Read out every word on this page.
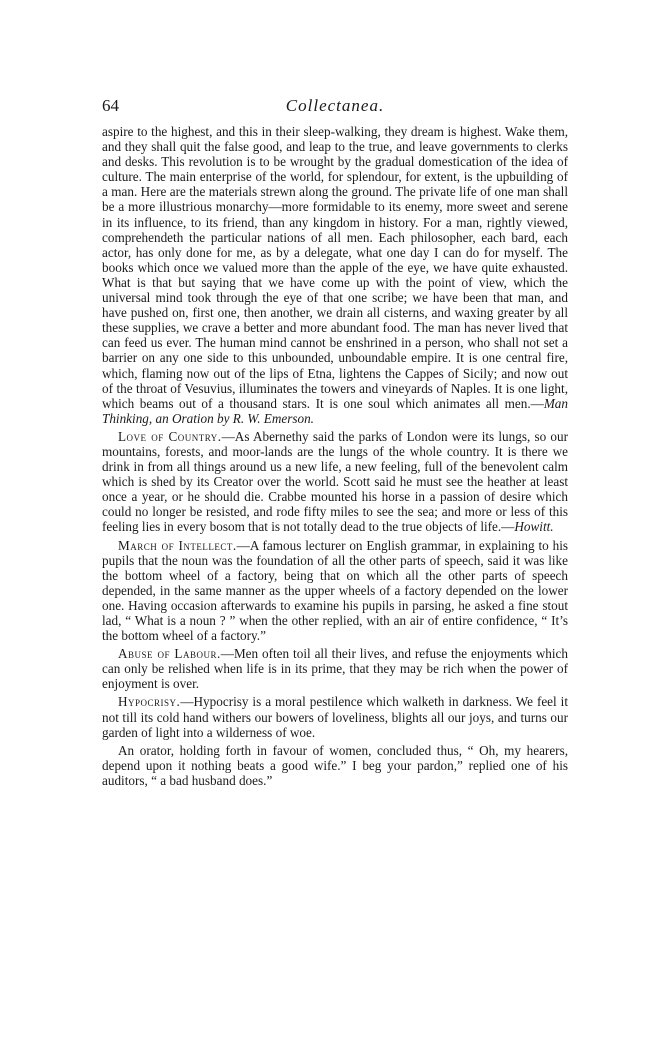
64	Collectanea.

aspire to the highest, and this in their sleep-walking, they dream is highest. Wake them, and they shall quit the false good, and leap to the true, and leave governments to clerks and desks. This revolution is to be wrought by the gradual domestication of the idea of culture. The main enterprise of the world, for splendour, for extent, is the upbuilding of a man. Here are the materials strewn along the ground. The private life of one man shall be a more illustrious monarchy—more formidable to its enemy, more sweet and serene in its influence, to its friend, than any kingdom in history. For a man, rightly viewed, comprehendeth the particular nations of all men. Each philosopher, each bard, each actor, has only done for me, as by a delegate, what one day I can do for myself. The books which once we valued more than the apple of the eye, we have quite exhausted. What is that but saying that we have come up with the point of view, which the universal mind took through the eye of that one scribe; we have been that man, and have pushed on, first one, then another, we drain all cisterns, and waxing greater by all these supplies, we crave a better and more abundant food. The man has never lived that can feed us ever. The human mind cannot be enshrined in a person, who shall not set a barrier on any one side to this unbounded, unboundable empire. It is one central fire, which, flaming now out of the lips of Etna, lightens the Cappes of Sicily; and now out of the throat of Vesuvius, illuminates the towers and vineyards of Naples. It is one light, which beams out of a thousand stars. It is one soul which animates all men.—Man Thinking, an Oration by R. W. Emerson.

Love of Country.—As Abernethy said the parks of London were its lungs, so our mountains, forests, and moor-lands are the lungs of the whole country. It is there we drink in from all things around us a new life, a new feeling, full of the benevolent calm which is shed by its Creator over the world. Scott said he must see the heather at least once a year, or he should die. Crabbe mounted his horse in a passion of desire which could no longer be resisted, and rode fifty miles to see the sea; and more or less of this feeling lies in every bosom that is not totally dead to the true objects of life.—Howitt.

March of Intellect.—A famous lecturer on English grammar, in explaining to his pupils that the noun was the foundation of all the other parts of speech, said it was like the bottom wheel of a factory, being that on which all the other parts of speech depended, in the same manner as the upper wheels of a factory depended on the lower one. Having occasion afterwards to examine his pupils in parsing, he asked a fine stout lad, “ What is a noun ? ” when the other replied, with an air of entire confidence, “ It’s the bottom wheel of a factory.”

Abuse of Labour.—Men often toil all their lives, and refuse the enjoyments which can only be relished when life is in its prime, that they may be rich when the power of enjoyment is over.

Hypocrisy.—Hypocrisy is a moral pestilence which walketh in darkness. We feel it not till its cold hand withers our bowers of loveliness, blights all our joys, and turns our garden of light into a wilderness of woe.

An orator, holding forth in favour of women, concluded thus, “ Oh, my hearers, depend upon it nothing beats a good wife.” I beg your pardon,” replied one of his auditors, “ a bad husband does.”
